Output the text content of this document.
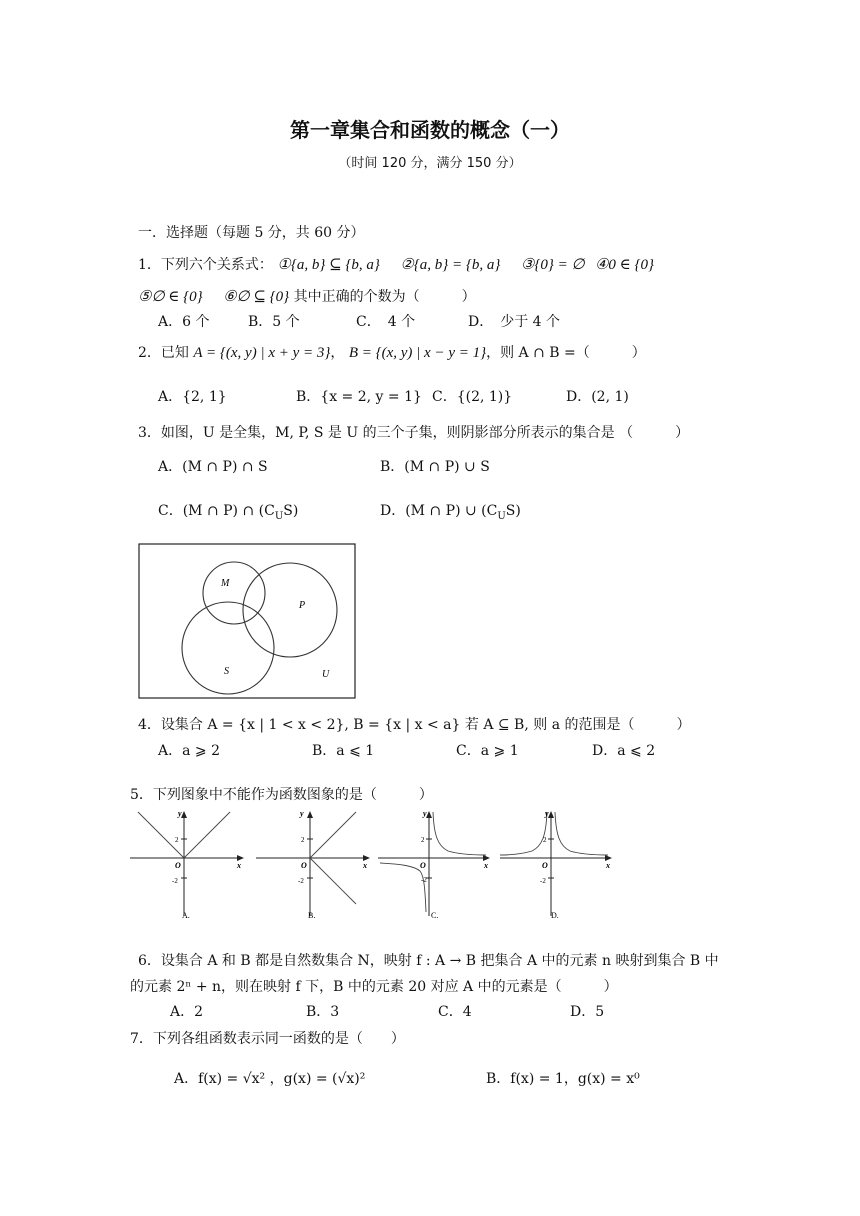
第一章集合和函数的概念（一）
（时间 120 分，满分 150 分）
一．选择题（每题 5 分，共 60 分）
1．下列六个关系式： ①{a, b} ⊆ {b, a} ②{a, b} = {b, a} ③{0} = ∅ ④0 ∈ {0}
⑤∅ ∈ {0} ⑥∅ ⊆ {0} 其中正确的个数为（　　　）
A．6 个	B．5 个	C．　4 个	D．　少于 4 个
2．已知 A = {(x, y) | x + y = 3}， B = {(x, y) | x − y = 1}，则 A ∩ B =（　　　）
A．{2, 1}	B．{x = 2, y = 1} C．{(2, 1)}	D．(2, 1)
3．如图，U 是全集，M, P, S 是 U 的三个子集，则阴影部分所表示的集合是 （　　　）
A．(M ∩ P) ∩ S	B．(M ∩ P) ∪ S
C．(M ∩ P) ∩ $(C_US)$	D．(M ∩ P) ∪ $(C_US)$
M
P
S	U
4．设集合 A = {x | 1 < x < 2}, B = {x | x < a} 若 A ⊆ B, 则 a 的范围是（　　　）
A．a ⩾ 2	B．a ⩽ 1	C．a ⩾ 1	D．a ⩽ 2
5．下列图象中不能作为函数图象的是（　　　）
y
x
O
2
-2
A.
y
x
O
2
-2
B.
y
x
O
2
-2
C.
y
x
O
2
-2
D.
6．设集合 A 和 B 都是自然数集合 N，映射 f : A → B 把集合 A 中的元素 n 映射到集合 B 中
的元素 2ⁿ + n，则在映射 f 下，B 中的元素 20 对应 A 中的元素是（　　　）
A．2	B．3	C．4	D．5
7．下列各组函数表示同一函数的是（　　）
A．f(x) = √x² ，g(x) = (√x)²	B．f(x) = 1，g(x) = x⁰
